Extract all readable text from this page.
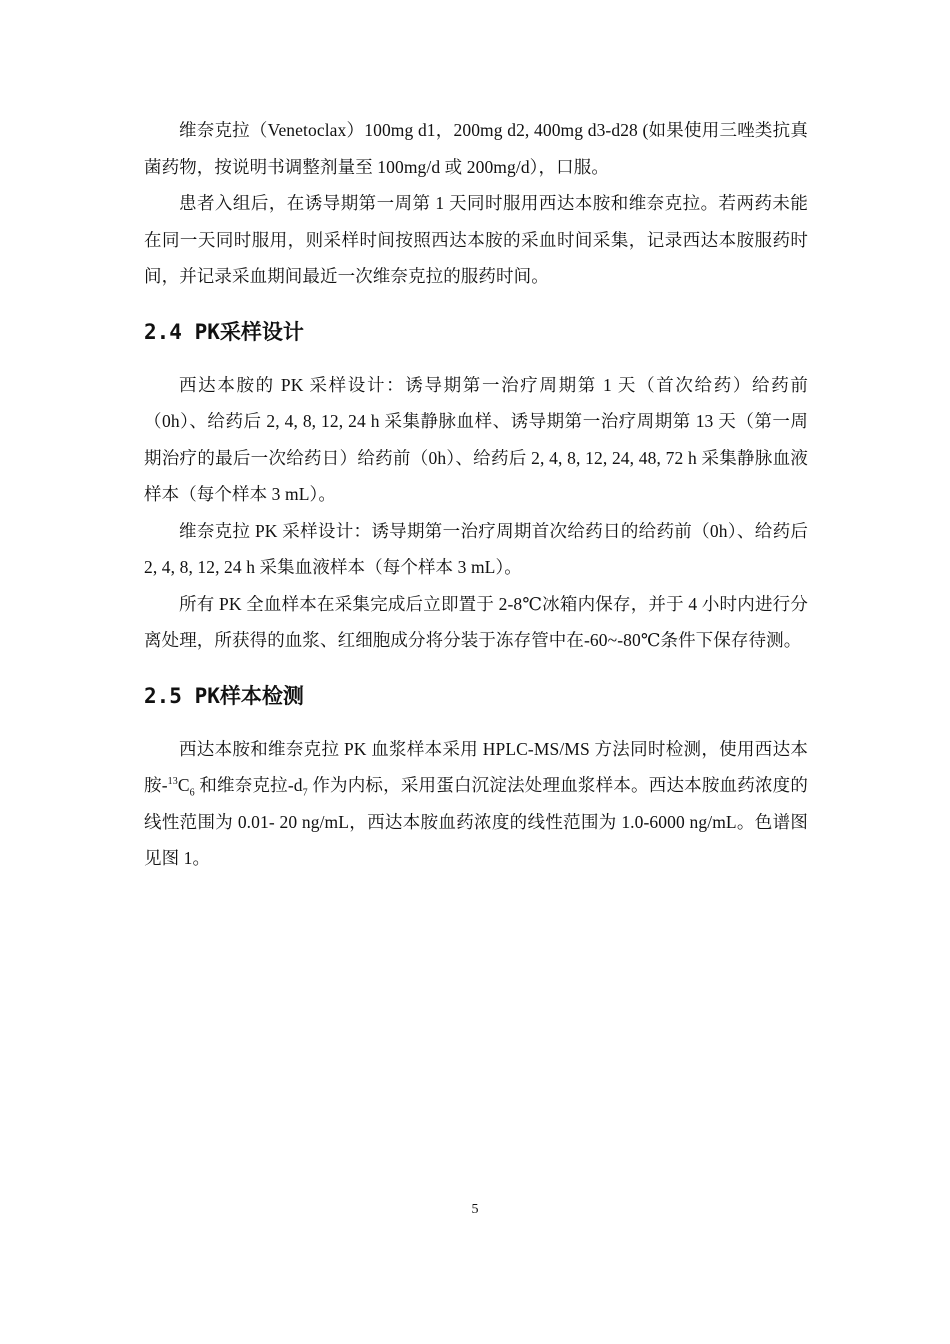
维奈克拉（Venetoclax）100mg d1，200mg d2, 400mg d3-d28 (如果使用三唑类抗真菌药物，按说明书调整剂量至 100mg/d 或 200mg/d），口服。

患者入组后，在诱导期第一周第 1 天同时服用西达本胺和维奈克拉。若两药未能在同一天同时服用，则采样时间按照西达本胺的采血时间采集，记录西达本胺服药时间，并记录采血期间最近一次维奈克拉的服药时间。

2.4 PK采样设计

西达本胺的 PK 采样设计：诱导期第一治疗周期第 1 天（首次给药）给药前（0h）、给药后 2, 4, 8, 12, 24 h 采集静脉血样、诱导期第一治疗周期第 13 天（第一周期治疗的最后一次给药日）给药前（0h）、给药后 2, 4, 8, 12, 24, 48, 72 h 采集静脉血液样本（每个样本 3 mL）。

维奈克拉 PK 采样设计：诱导期第一治疗周期首次给药日的给药前（0h）、给药后 2, 4, 8, 12, 24 h 采集血液样本（每个样本 3 mL）。

所有 PK 全血样本在采集完成后立即置于 2-8℃冰箱内保存，并于 4 小时内进行分离处理，所获得的血浆、红细胞成分将分装于冻存管中在-60~-80℃条件下保存待测。

2.5 PK样本检测

西达本胺和维奈克拉 PK 血浆样本采用 HPLC-MS/MS 方法同时检测，使用西达本胺$-^{13}C_6$ 和维奈克拉$-d_7$ 作为内标，采用蛋白沉淀法处理血浆样本。西达本胺血药浓度的线性范围为 0.01- 20 ng/mL，西达本胺血药浓度的线性范围为 1.0-6000 ng/mL。色谱图见图 1。

5
